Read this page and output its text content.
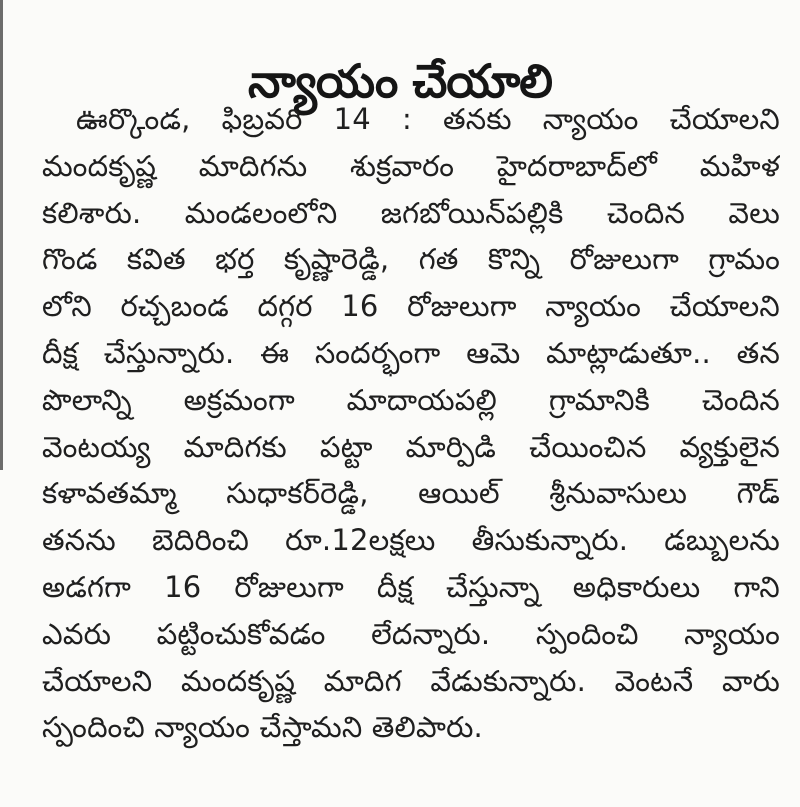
న్యాయం చేయాలి
ఊర్కొండ, ఫిబ్రవరి 14 : తనకు న్యాయం చేయాలని
మందకృష్ణ మాదిగను శుక్రవారం హైదరాబాద్‌లో మహిళ
కలిశారు. మండలంలోని జగబోయిన్‌పల్లికి చెందిన వెలు
గొండ కవిత భర్త కృష్ణారెడ్డి, గత కొన్ని రోజులుగా గ్రామం
లోని రచ్చబండ దగ్గర 16 రోజులుగా న్యాయం చేయాలని
దీక్ష చేస్తున్నారు. ఈ సందర్భంగా ఆమె మాట్లాడుతూ.. తన
పొలాన్ని అక్రమంగా మాదాయపల్లి గ్రామానికి చెందిన
వెంటయ్య మాదిగకు పట్టా మార్పిడి చేయించిన వ్యక్తులైన
కళావతమ్మా సుధాకర్‌రెడ్డి, ఆయిల్ శ్రీనువాసులు గౌడ్
తనను బెదిరించి రూ.12లక్షలు తీసుకున్నారు. డబ్బులను
అడగగా 16 రోజులుగా దీక్ష చేస్తున్నా అధికారులు గాని
ఎవరు పట్టించుకోవడం లేదన్నారు. స్పందించి న్యాయం
చేయాలని మందకృష్ణ మాదిగ వేడుకున్నారు. వెంటనే వారు
స్పందించి న్యాయం చేస్తామని తెలిపారు.
